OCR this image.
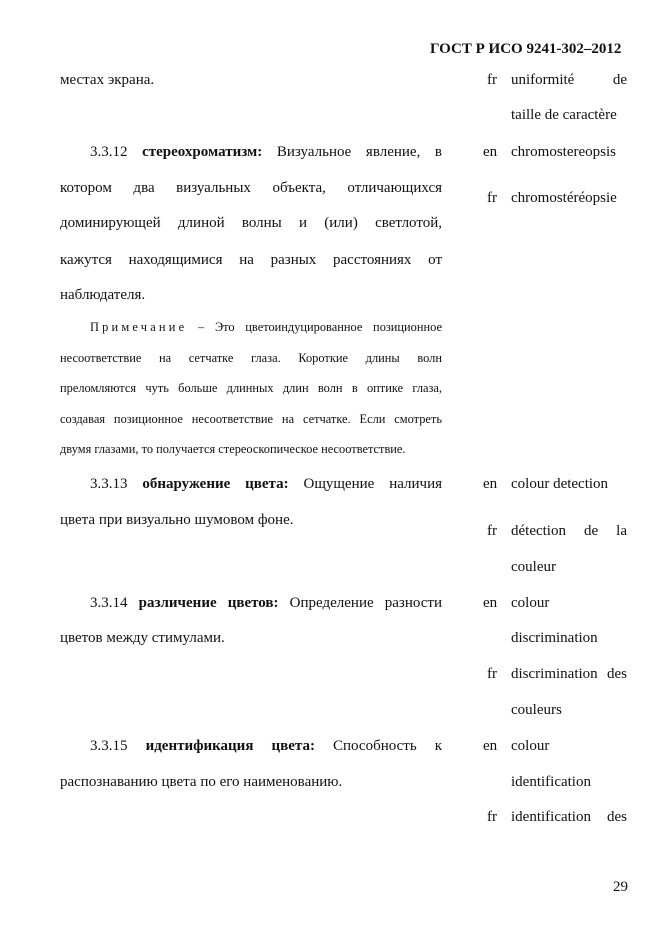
ГОСТ Р ИСО 9241-302–2012
местах экрана.	fr uniformité de
taille de caractère
3.3.12 стереохроматизм: Визуальное явление, в
котором два визуальных объекта, отличающихся
доминирующей длиной волны и (или) светлотой,
кажутся находящимися на разных расстояниях от
наблюдателя.
en chromostereopsis
fr chromostéréopsie
Примечание – Это цветоиндуцированное позиционное
несоответствие на сетчатке глаза. Короткие длины волн
преломляются чуть больше длинных длин волн в оптике глаза,
создавая позиционное несоответствие на сетчатке. Если смотреть
двумя глазами, то получается стереоскопическое несоответствие.
3.3.13 обнаружение цвета: Ощущение наличия
цвета при визуально шумовом фоне.
en colour detection
fr détection de la
couleur
3.3.14 различение цветов: Определение разности
цветов между стимулами.
en colour
discrimination
fr discrimination des
couleurs
3.3.15 идентификация цвета: Способность к
распознаванию цвета по его наименованию.
en colour
identification
fr identification des
29
